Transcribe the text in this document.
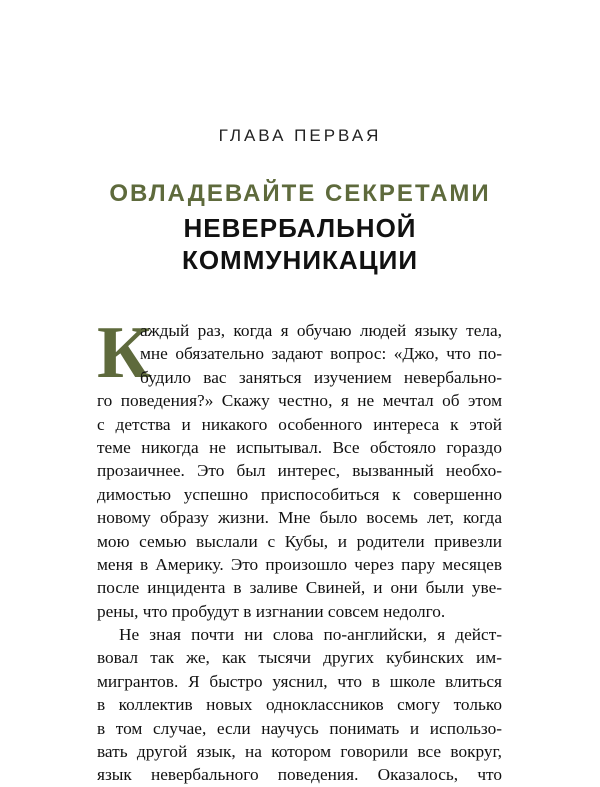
ГЛАВА ПЕРВАЯ
ОВЛАДЕВАЙТЕ СЕКРЕТАМИ
НЕВЕРБАЛЬНОЙ
КОММУНИКАЦИИ
К
аждый раз, когда я обучаю людей языку тела,
мне обязательно задают вопрос: «Джо, что по-
будило вас заняться изучением невербально-
го поведения?» Скажу честно, я не мечтал об этом
с детства и никакого особенного интереса к этой
теме никогда не испытывал. Все обстояло гораздо
прозаичнее. Это был интерес, вызванный необхо-
димостью успешно приспособиться к совершенно
новому образу жизни. Мне было восемь лет, когда
мою семью выслали с Кубы, и родители привезли
меня в Америку. Это произошло через пару месяцев
после инцидента в заливе Свиней, и они были уве-
рены, что пробудут в изгнании совсем недолго.
Не зная почти ни слова по-английски, я дейст-
вовал так же, как тысячи других кубинских им-
мигрантов. Я быстро уяснил, что в школе влиться
в коллектив новых одноклассников смогу только
в том случае, если научусь понимать и использо-
вать другой язык, на котором говорили все вокруг,
язык невербального поведения. Оказалось, что
